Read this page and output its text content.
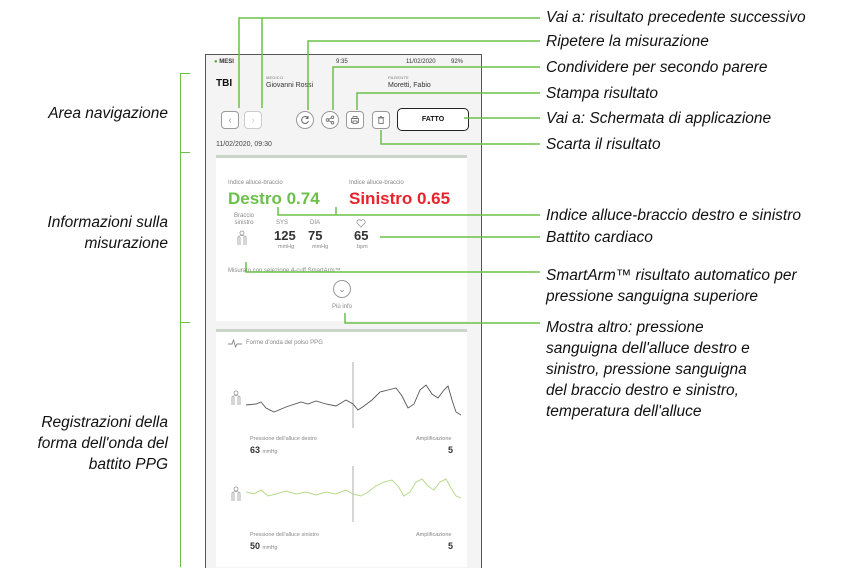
Area navigazione
Informazioni sulla
misurazione
Registrazioni della
forma dell'onda del
battito PPG
● MESI	9:35	11/02/2020	92%
TBI
MEDICO
Giovanni Rossi
PAZIENTE
Moretti, Fabio
‹ ›	FATTO
11/02/2020, 09:30
Indice alluce-braccio
Destro 0.74
Indice alluce-braccio
Sinistro 0.65
Braccio sinistro	SYS
125
mmHg
DIA
75
mmHg
65
bpm
Misurato con selezione 4-cuff SmartArm™.
⌄
Più info
Forme d'onda del polso PPG
Pressione dell'alluce destro
63 mmHg
Amplificazione
5
Pressione dell'alluce sinistro
50 mmHg
Amplificazione
5
Vai a: risultato precedente successivo
Ripetere la misurazione
Condividere per secondo parere
Stampa risultato
Vai a: Schermata di applicazione
Scarta il risultato
Indice alluce-braccio destro e sinistro
Battito cardiaco
SmartArm™ risultato automatico per
pressione sanguigna superiore
Mostra altro: pressione
sanguigna dell'alluce destro e
sinistro, pressione sanguigna
del braccio destro e sinistro,
temperatura dell'alluce
